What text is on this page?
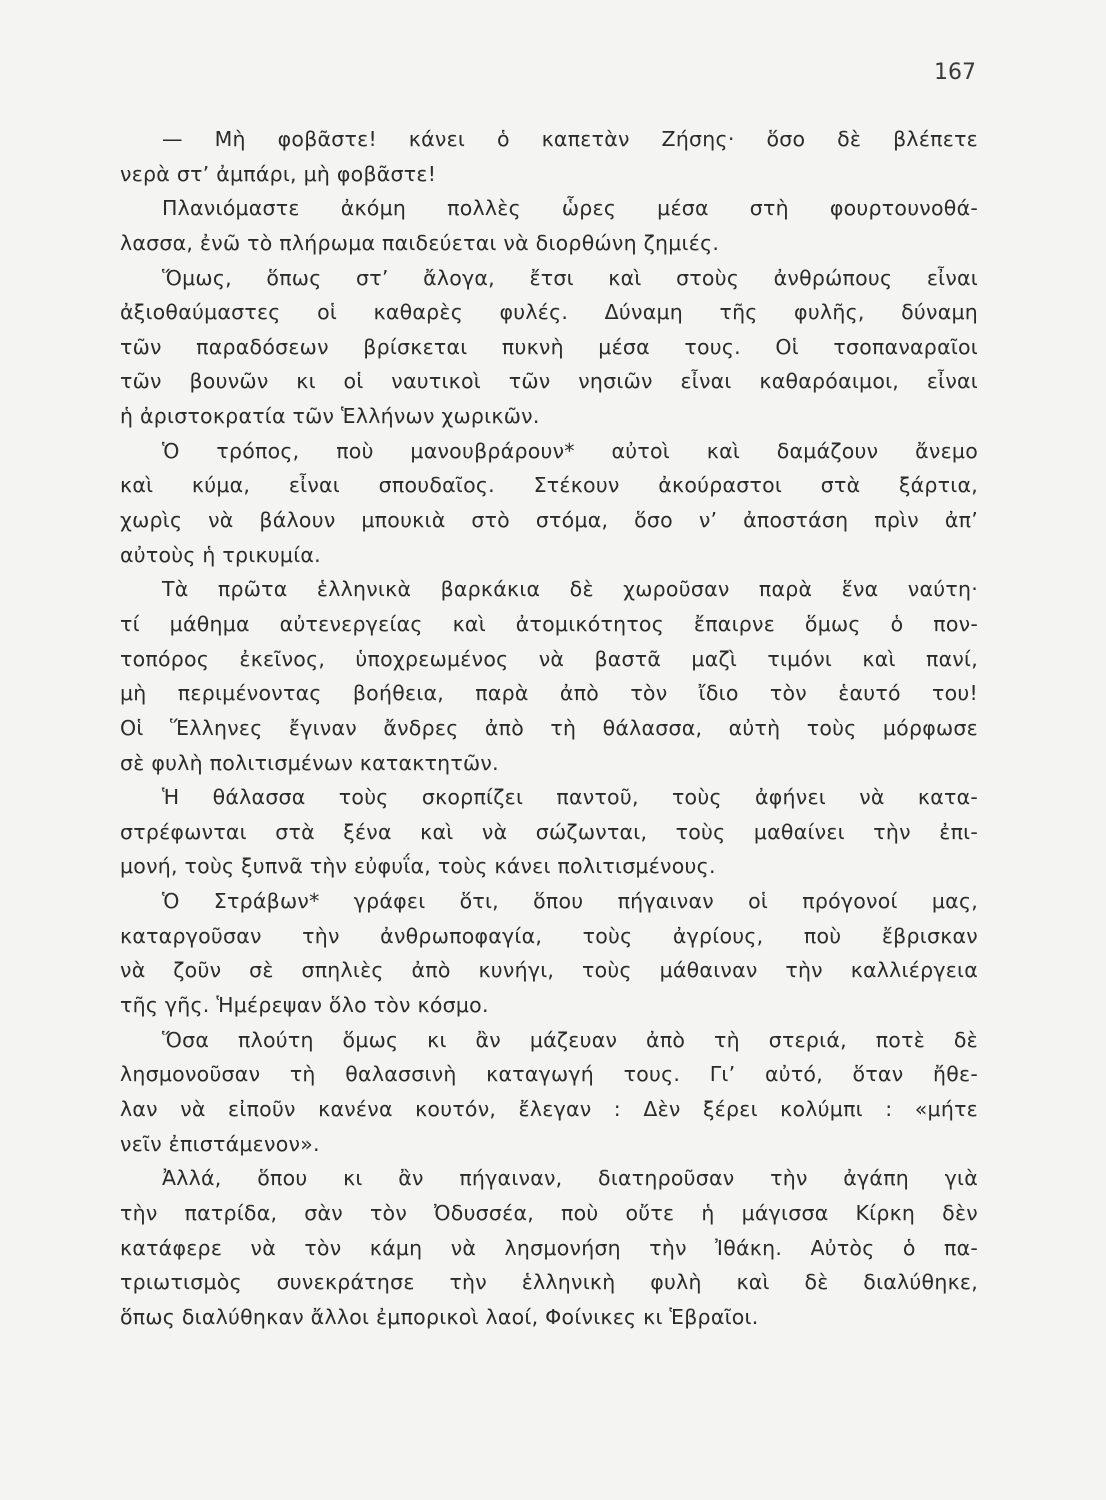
167
— Μὴ φοβᾶστε! κάνει ὁ καπετὰν Ζήσης· ὅσο δὲ βλέπετε
νερὰ στ’ ἀμπάρι, μὴ φοβᾶστε!
Πλανιόμαστε ἀκόμη πολλὲς ὧρες μέσα στὴ φουρτουνοθά-
λασσα, ἐνῶ τὸ πλήρωμα παιδεύεται νὰ διορθώνη ζημιές.
Ὅμως, ὅπως στ’ ἄλογα, ἔτσι καὶ στοὺς ἀνθρώπους εἶναι
ἀξιοθαύμαστες οἱ καθαρὲς φυλές. Δύναμη τῆς φυλῆς, δύναμη
τῶν παραδόσεων βρίσκεται πυκνὴ μέσα τους. Οἱ τσοπαναραῖοι
τῶν βουνῶν κι οἱ ναυτικοὶ τῶν νησιῶν εἶναι καθαρόαιμοι, εἶναι
ἡ ἀριστοκρατία τῶν Ἑλλήνων χωρικῶν.
Ὁ τρόπος, ποὺ μανουβράρουν* αὐτοὶ καὶ δαμάζουν ἄνεμο
καὶ κύμα, εἶναι σπουδαῖος. Στέκουν ἀκούραστοι στὰ ξάρτια,
χωρὶς νὰ βάλουν μπουκιὰ στὸ στόμα, ὅσο ν’ ἀποστάση πρὶν ἀπ’
αὐτοὺς ἡ τρικυμία.
Τὰ πρῶτα ἑλληνικὰ βαρκάκια δὲ χωροῦσαν παρὰ ἕνα ναύτη·
τί μάθημα αὐτενεργείας καὶ ἀτομικότητος ἔπαιρνε ὅμως ὁ πον-
τοπόρος ἐκεῖνος, ὑποχρεωμένος νὰ βαστᾶ μαζὶ τιμόνι καὶ πανί,
μὴ περιμένοντας βοήθεια, παρὰ ἀπὸ τὸν ἴδιο τὸν ἑαυτό του!
Οἱ Ἕλληνες ἔγιναν ἄνδρες ἀπὸ τὴ θάλασσα, αὐτὴ τοὺς μόρφωσε
σὲ φυλὴ πολιτισμένων κατακτητῶν.
Ἡ θάλασσα τοὺς σκορπίζει παντοῦ, τοὺς ἀφήνει νὰ κατα-
στρέφωνται στὰ ξένα καὶ νὰ σώζωνται, τοὺς μαθαίνει τὴν ἐπι-
μονή, τοὺς ξυπνᾶ τὴν εὐφυΐα, τοὺς κάνει πολιτισμένους.
Ὁ Στράβων* γράφει ὅτι, ὅπου πήγαιναν οἱ πρόγονοί μας,
καταργοῦσαν τὴν ἀνθρωποφαγία, τοὺς ἀγρίους, ποὺ ἔβρισκαν
νὰ ζοῦν σὲ σπηλιὲς ἀπὸ κυνήγι, τοὺς μάθαιναν τὴν καλλιέργεια
τῆς γῆς. Ἡμέρεψαν ὅλο τὸν κόσμο.
Ὅσα πλούτη ὅμως κι ἂν μάζευαν ἀπὸ τὴ στεριά, ποτὲ δὲ
λησμονοῦσαν τὴ θαλασσινὴ καταγωγή τους. Γι’ αὐτό, ὅταν ἤθε-
λαν νὰ εἰποῦν κανένα κουτόν, ἔλεγαν : Δὲν ξέρει κολύμπι : «μήτε
νεῖν ἐπιστάμενον».
Ἀλλά, ὅπου κι ἂν πήγαιναν, διατηροῦσαν τὴν ἀγάπη γιὰ
τὴν πατρίδα, σὰν τὸν Ὀδυσσέα, ποὺ οὔτε ἡ μάγισσα Κίρκη δὲν
κατάφερε νὰ τὸν κάμη νὰ λησμονήση τὴν Ἰθάκη. Αὐτὸς ὁ πα-
τριωτισμὸς συνεκράτησε τὴν ἑλληνικὴ φυλὴ καὶ δὲ διαλύθηκε,
ὅπως διαλύθηκαν ἄλλοι ἐμπορικοὶ λαοί, Φοίνικες κι Ἑβραῖοι.
